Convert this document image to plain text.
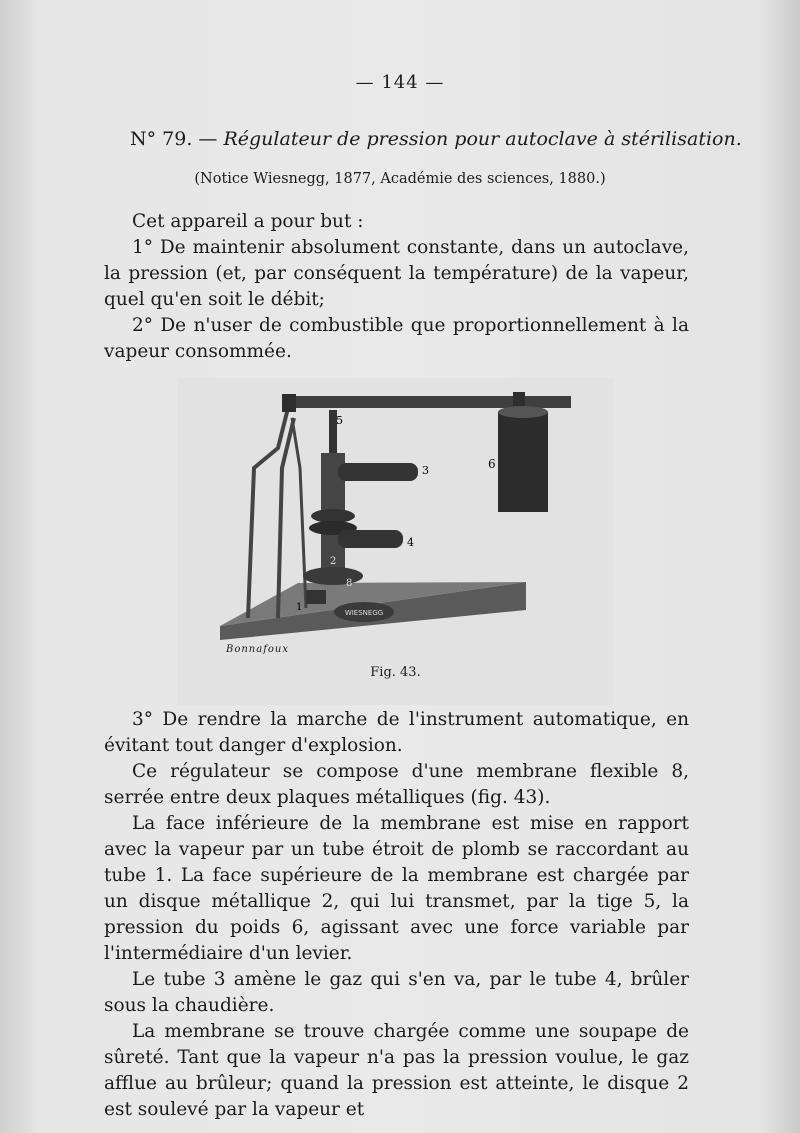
— 144 —
N° 79. — Régulateur de pression pour autoclave à stérilisation.
(Notice Wiesnegg, 1877, Académie des sciences, 1880.)

Cet appareil a pour but :

1° De maintenir absolument constante, dans un autoclave, la pression (et, par conséquent la température) de la vapeur, quel qu'en soit le débit;

2° De n'user de combustible que proportionnellement à la vapeur consommée.

WIESNEGG
5
3
4
2
8
1
6
Bonnafoux
Fig. 43.

3° De rendre la marche de l'instrument automatique, en évitant tout danger d'explosion.

Ce régulateur se compose d'une membrane flexible 8, serrée entre deux plaques métalliques (fig. 43).

La face inférieure de la membrane est mise en rapport avec la vapeur par un tube étroit de plomb se raccordant au tube 1. La face supérieure de la membrane est chargée par un disque métallique 2, qui lui transmet, par la tige 5, la pression du poids 6, agissant avec une force variable par l'intermédiaire d'un levier.

Le tube 3 amène le gaz qui s'en va, par le tube 4, brûler sous la chaudière.

La membrane se trouve chargée comme une soupape de sûreté. Tant que la vapeur n'a pas la pression voulue, le gaz afflue au brûleur; quand la pression est atteinte, le disque 2 est soulevé par la vapeur et
